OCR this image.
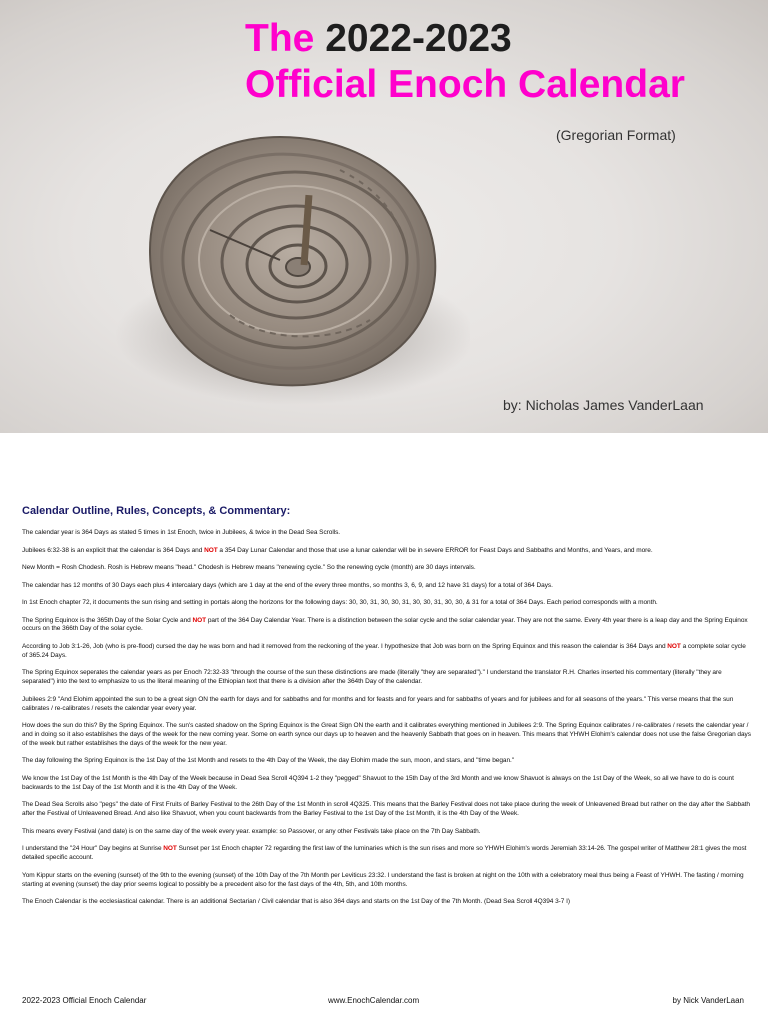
The 2022-2023
Official Enoch Calendar
(Gregorian Format)
by: Nicholas James VanderLaan
Calendar Outline, Rules, Concepts, & Commentary:

The calendar year is 364 Days as stated 5 times in 1st Enoch, twice in Jubilees, & twice in the Dead Sea Scrolls.

Jubilees 6:32-38 is an explicit that the calendar is 364 Days and NOT a 354 Day Lunar Calendar and those that use a lunar calendar will be in severe ERROR for Feast Days and Sabbaths and Months, and Years, and more.

New Month = Rosh Chodesh. Rosh is Hebrew means "head." Chodesh is Hebrew means "renewing cycle." So the renewing cycle (month) are 30 days intervals.

The calendar has 12 months of 30 Days each plus 4 intercalary days (which are 1 day at the end of the every three months, so months 3, 6, 9, and 12 have 31 days) for a total of 364 Days.

In 1st Enoch chapter 72, it documents the sun rising and setting in portals along the horizons for the following days: 30, 30, 31, 30, 30, 31, 30, 30, 31, 30, 30, & 31 for a total of 364 Days. Each period corresponds with a month.

The Spring Equinox is the 365th Day of the Solar Cycle and NOT part of the 364 Day Calendar Year. There is a distinction between the solar cycle and the solar calendar year. They are not the same. Every 4th year there is a leap day and the Spring Equinox occurs on the 366th Day of the solar cycle.

According to Job 3:1-26, Job (who is pre-flood) cursed the day he was born and had it removed from the reckoning of the year. I hypothesize that Job was born on the Spring Equinox and this reason the calendar is 364 Days and NOT a complete solar cycle of 365.24 Days.

The Spring Equinox seperates the calendar years as per Enoch 72:32-33 "through the course of the sun these distinctions are made (literally "they are separated")." I understand the translator R.H. Charles inserted his commentary (literally "they are separated") into the text to emphasize to us the literal meaning of the Ethiopian text that there is a division after the 364th Day of the calendar.

Jubilees 2:9 "And Elohim appointed the sun to be a great sign ON the earth for days and for sabbaths and for months and for feasts and for years and for sabbaths of years and for jubilees and for all seasons of the years." This verse means that the sun calibrates / re-calibrates / resets the calendar year every year.

How does the sun do this? By the Spring Equinox. The sun's casted shadow on the Spring Equinox is the Great Sign ON the earth and it calibrates everything mentioned in Jubilees 2:9. The Spring Equinox calibrates / re-calibrates / resets the calendar year / and in doing so it also establishes the days of the week for the new coming year. Some on earth synce our days up to heaven and the heavenly Sabbath that goes on in heaven. This means that YHWH Elohim's calendar does not use the false Gregorian days of the week but rather establishes the days of the week for the new year.

The day following the Spring Equinox is the 1st Day of the 1st Month and resets to the 4th Day of the Week, the day Elohim made the sun, moon, and stars, and "time began."

We know the 1st Day of the 1st Month is the 4th Day of the Week because in Dead Sea Scroll 4Q394 1-2 they "pegged" Shavuot to the 15th Day of the 3rd Month and we know Shavuot is always on the 1st Day of the Week, so all we have to do is count backwards to the 1st Day of the 1st Month and it is the 4th Day of the Week.

The Dead Sea Scrolls also "pegs" the date of First Fruits of Barley Festival to the 26th Day of the 1st Month in scroll 4Q325. This means that the Barley Festival does not take place during the week of Unleavened Bread but rather on the day after the Sabbath after the Festival of Unleavened Bread. And also like Shavuot, when you count backwards from the Barley Festival to the 1st Day of the 1st Month, it is the 4th Day of the Week.

This means every Festival (and date) is on the same day of the week every year. example: so Passover, or any other Festivals take place on the 7th Day Sabbath.

I understand the "24 Hour" Day begins at Sunrise NOT Sunset per 1st Enoch chapter 72 regarding the first law of the luminaries which is the sun rises and more so YHWH Elohim's words Jeremiah 33:14-26. The gospel writer of Matthew 28:1 gives the most detailed specific account.

Yom Kippur starts on the evening (sunset) of the 9th to the evening (sunset) of the 10th Day of the 7th Month per Leviticus 23:32. I understand the fast is broken at night on the 10th with a celebratory meal thus being a Feast of YHWH. The fasting / morning starting at evening (sunset) the day prior seems logical to possibly be a precedent also for the fast days of the 4th, 5th, and 10th months.

The Enoch Calendar is the ecclesiastical calendar. There is an additional Sectarian / Civil calendar that is also 364 days and starts on the 1st Day of the 7th Month. (Dead Sea Scroll 4Q394 3-7 I)

2022-2023 Official Enoch Calendar	www.EnochCalendar.com	by Nick VanderLaan
